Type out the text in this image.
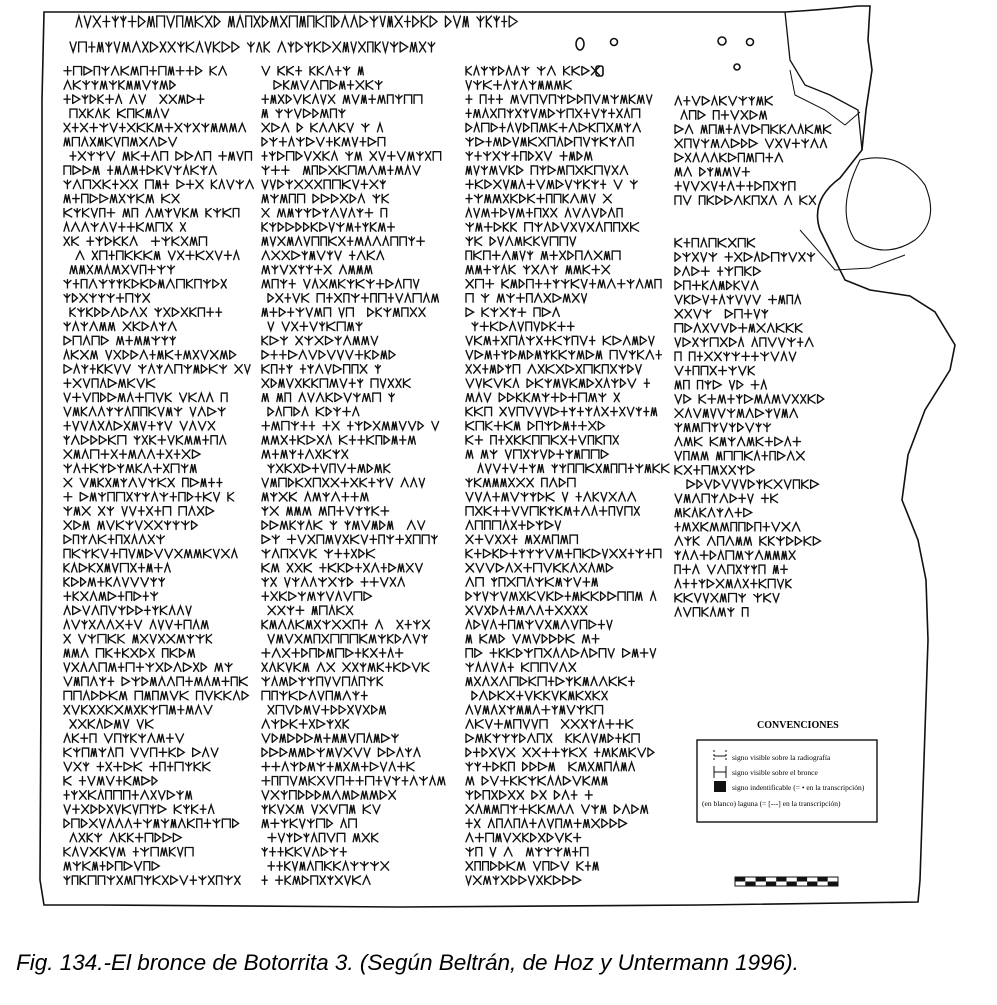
CONVENCIONES
signo visible sobre la radiografía
signo visible sobre el bronce
signo indentificable (= • en la transcripción)
(en blanco) laguna (= [---] en la transcripción)
Fig. 134.-El bronce de Botorrita 3. (Según Beltrán, de Hoz y Untermann 1996).
